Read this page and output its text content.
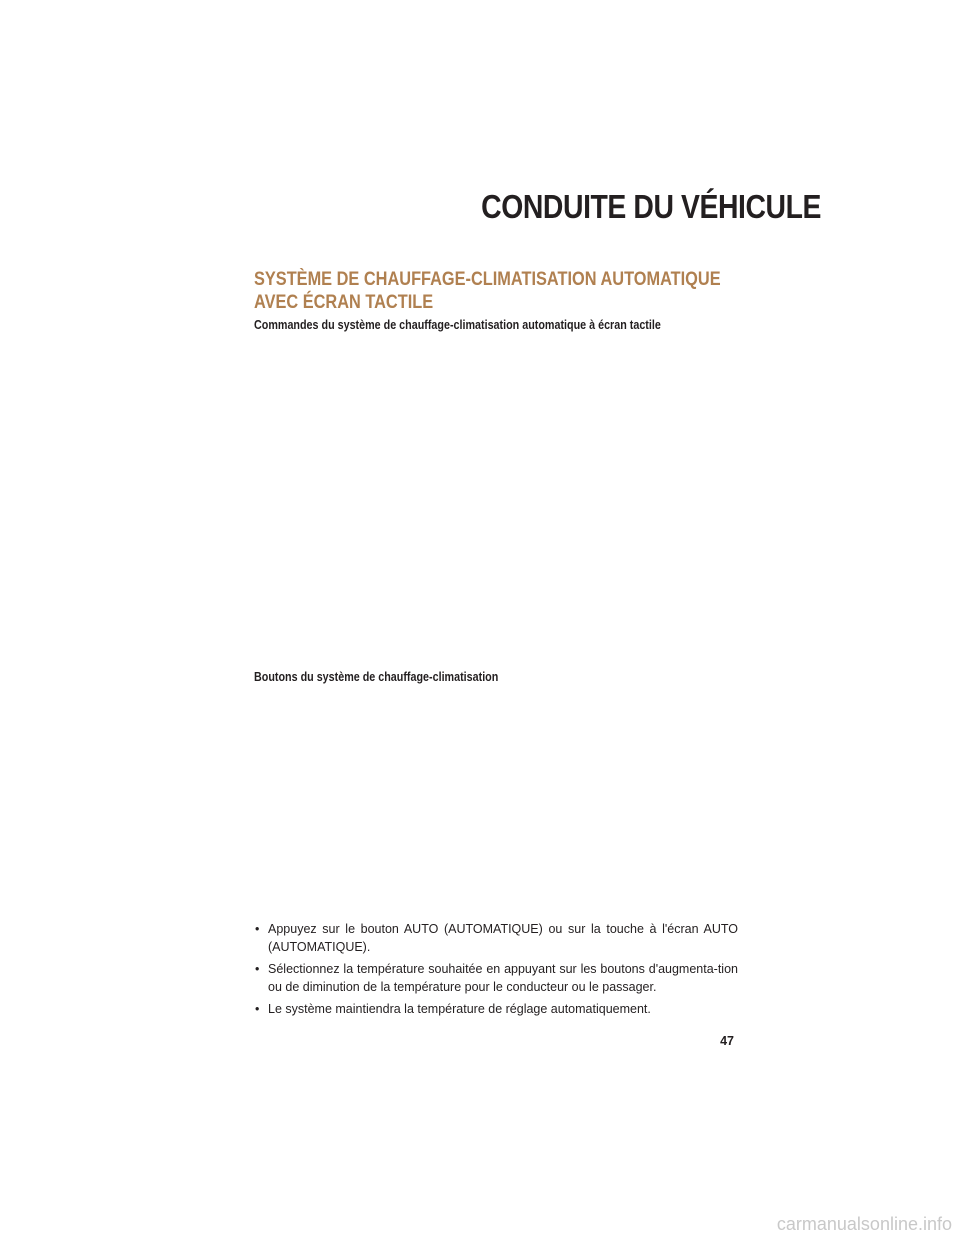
CONDUITE DU VÉHICULE
SYSTÈME DE CHAUFFAGE-CLIMATISATION AUTOMATIQUE
AVEC ÉCRAN TACTILE
Commandes du système de chauffage-climatisation automatique à écran tactile
Boutons du système de chauffage-climatisation
• Appuyez sur le bouton AUTO (AUTOMATIQUE) ou sur la touche à l'écran AUTO (AUTOMATIQUE).
• Sélectionnez la température souhaitée en appuyant sur les boutons d'augmenta-tion ou de diminution de la température pour le conducteur ou le passager.
• Le système maintiendra la température de réglage automatiquement.
47
carmanualsonline.info
